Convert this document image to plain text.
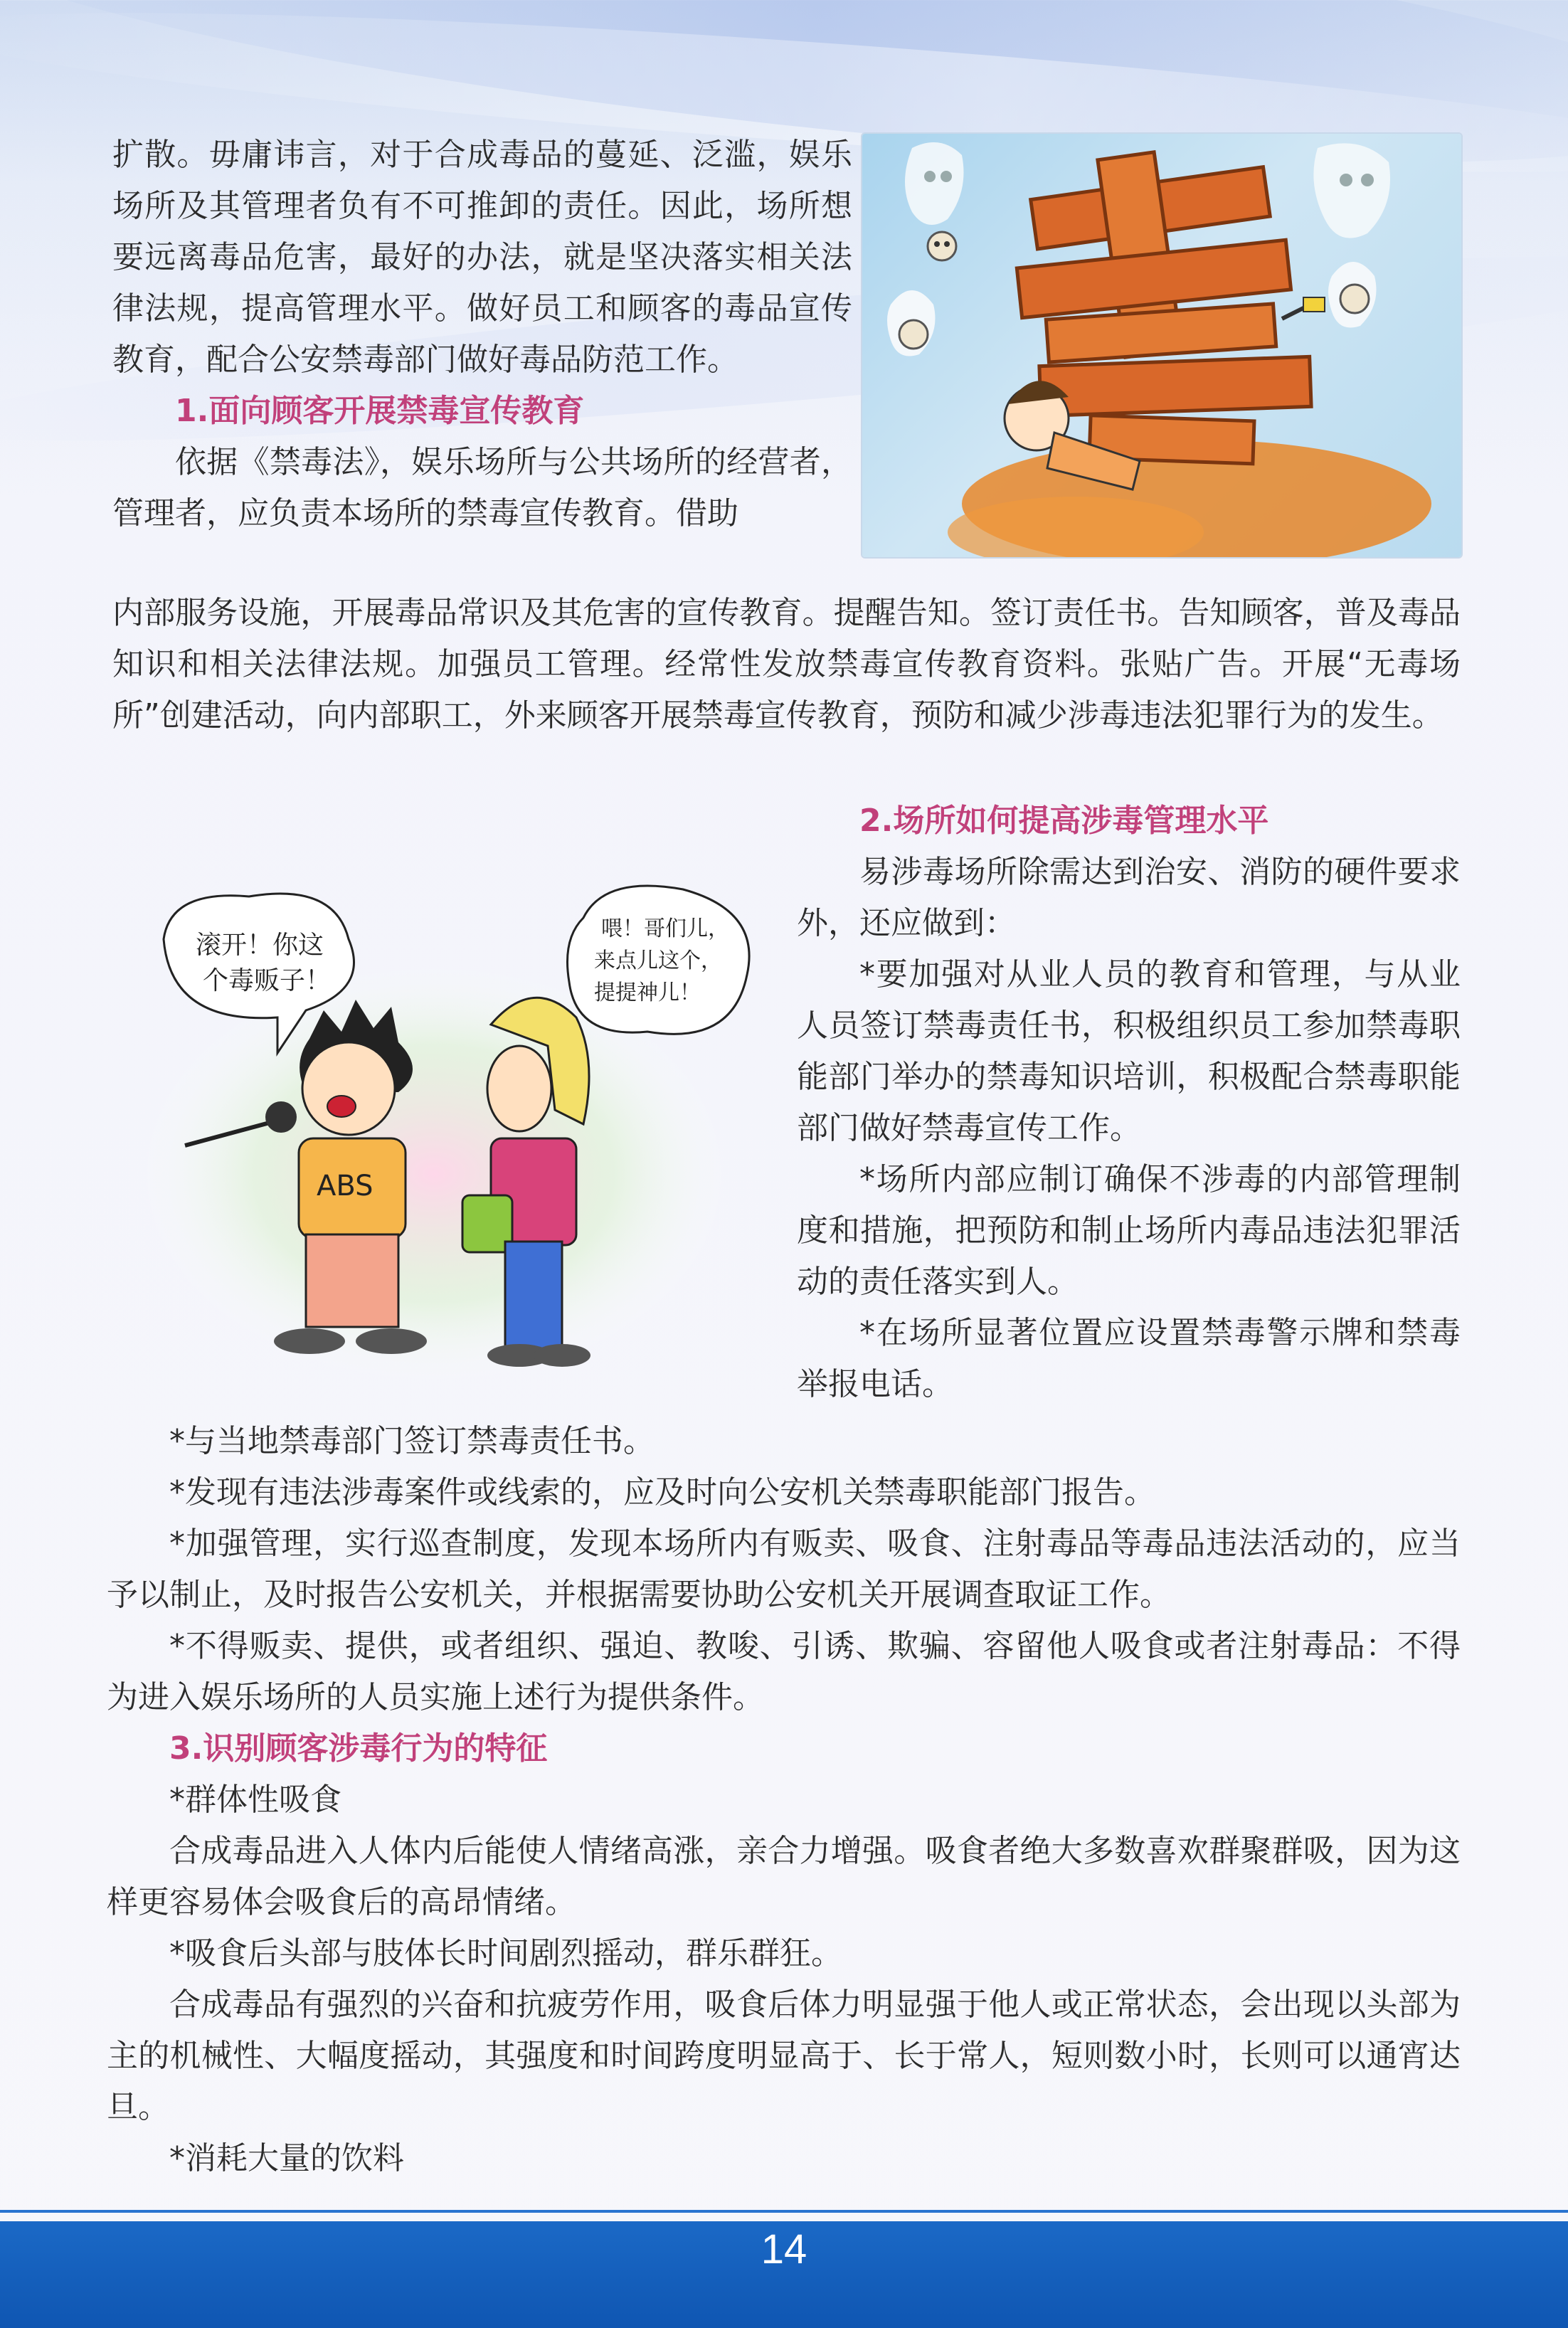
扩散。毋庸讳言，对于合成毒品的蔓延、泛滥，娱乐场所及其管理者负有不可推卸的责任。因此，场所想要远离毒品危害，最好的办法，就是坚决落实相关法律法规，提高管理水平。做好员工和顾客的毒品宣传教育，配合公安禁毒部门做好毒品防范工作。

1.面向顾客开展禁毒宣传教育

依据《禁毒法》，娱乐场所与公共场所的经营者，管理者，应负责本场所的禁毒宣传教育。借助

内部服务设施，开展毒品常识及其危害的宣传教育。提醒告知。签订责任书。告知顾客，普及毒品知识和相关法律法规。加强员工管理。经常性发放禁毒宣传教育资料。张贴广告。开展“无毒场所”创建活动，向内部职工，外来顾客开展禁毒宣传教育，预防和减少涉毒违法犯罪行为的发生。

滚开！你这
个毒贩子！
喂！哥们儿，
来点儿这个，
提提神儿！
ABS

2.场所如何提高涉毒管理水平

易涉毒场所除需达到治安、消防的硬件要求外，还应做到：

*要加强对从业人员的教育和管理，与从业人员签订禁毒责任书，积极组织员工参加禁毒职能部门举办的禁毒知识培训，积极配合禁毒职能部门做好禁毒宣传工作。

*场所内部应制订确保不涉毒的内部管理制度和措施，把预防和制止场所内毒品违法犯罪活动的责任落实到人。

*在场所显著位置应设置禁毒警示牌和禁毒举报电话。

*与当地禁毒部门签订禁毒责任书。

*发现有违法涉毒案件或线索的，应及时向公安机关禁毒职能部门报告。

*加强管理，实行巡查制度，发现本场所内有贩卖、吸食、注射毒品等毒品违法活动的，应当予以制止，及时报告公安机关，并根据需要协助公安机关开展调查取证工作。

*不得贩卖、提供，或者组织、强迫、教唆、引诱、欺骗、容留他人吸食或者注射毒品：不得为进入娱乐场所的人员实施上述行为提供条件。

3.识别顾客涉毒行为的特征

*群体性吸食

合成毒品进入人体内后能使人情绪高涨，亲合力增强。吸食者绝大多数喜欢群聚群吸，因为这样更容易体会吸食后的高昂情绪。

*吸食后头部与肢体长时间剧烈摇动，群乐群狂。

合成毒品有强烈的兴奋和抗疲劳作用，吸食后体力明显强于他人或正常状态，会出现以头部为主的机械性、大幅度摇动，其强度和时间跨度明显高于、长于常人，短则数小时，长则可以通宵达旦。

*消耗大量的饮料

14
